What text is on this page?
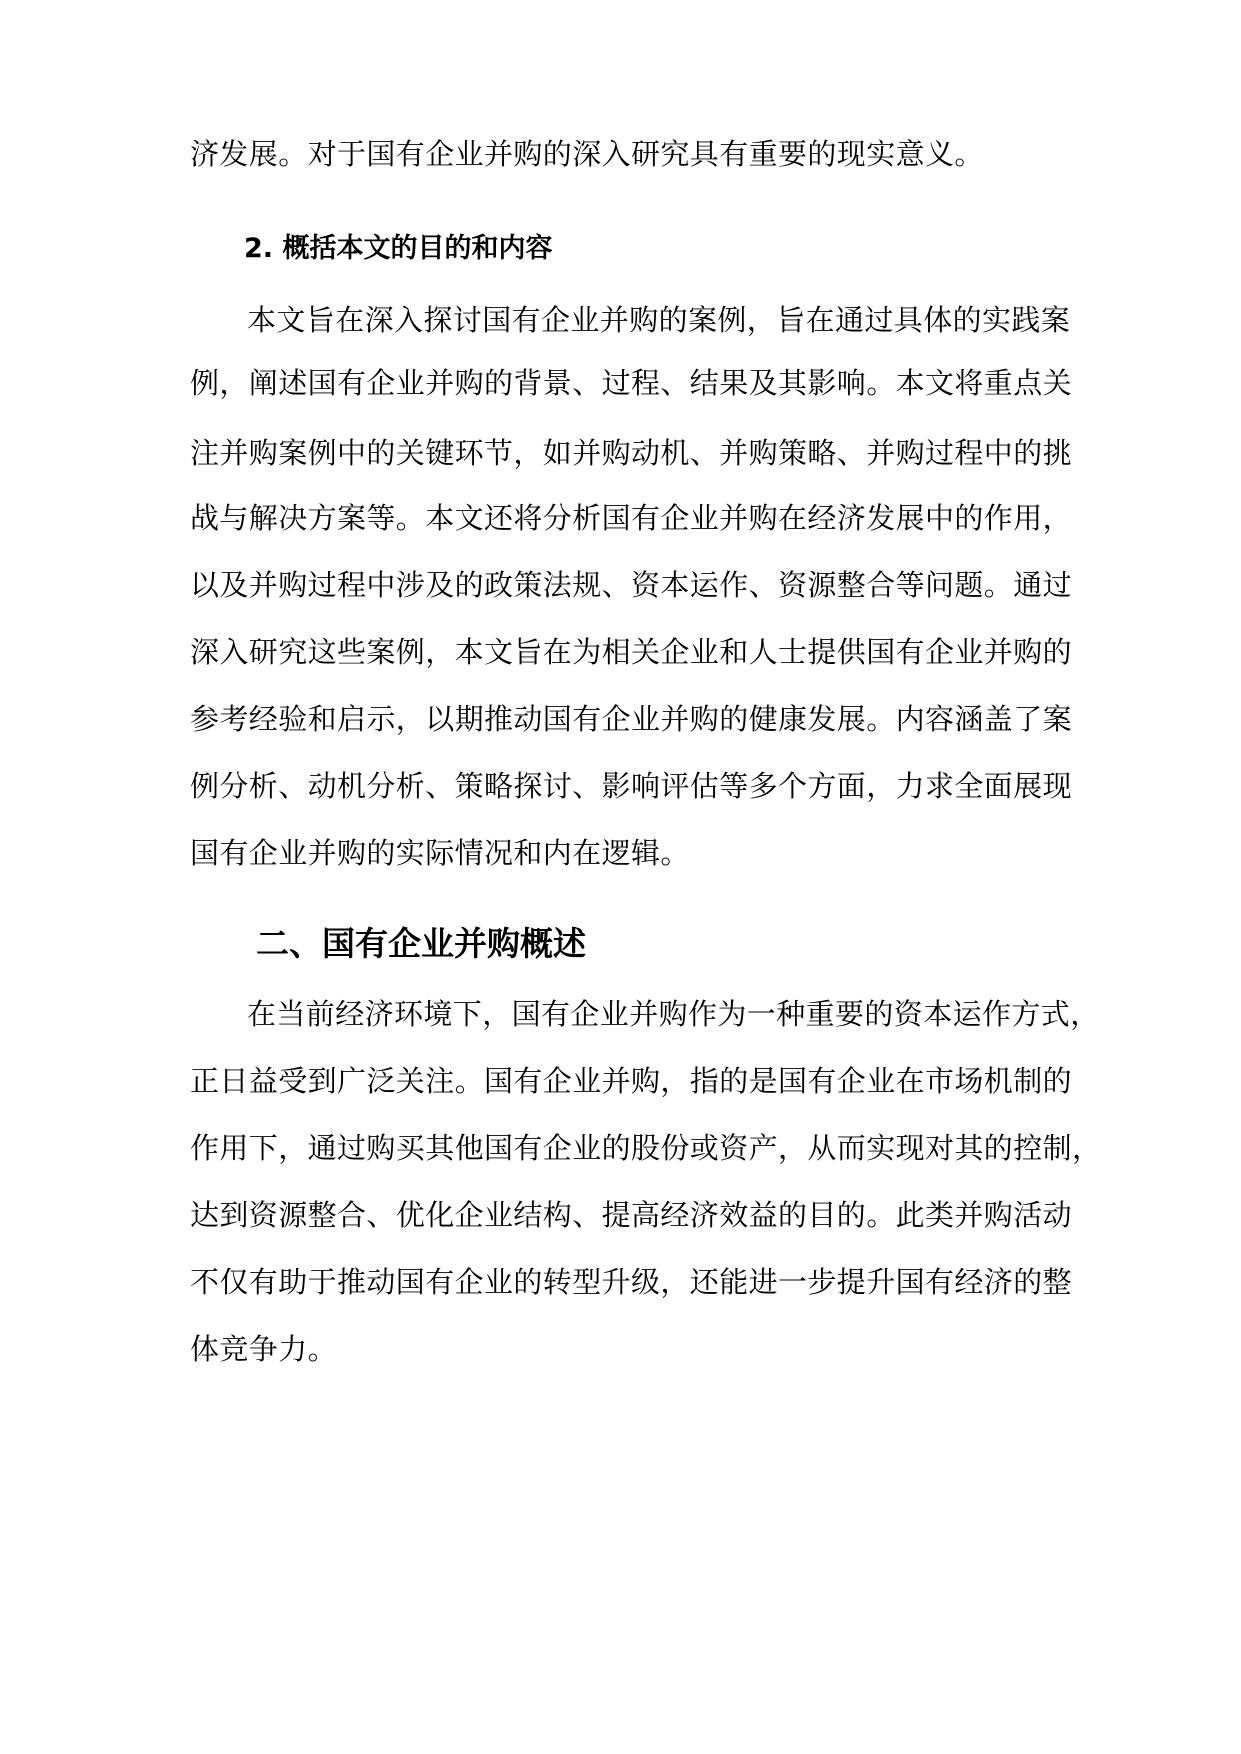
济发展。对于国有企业并购的深入研究具有重要的现实意义。
2. 概括本文的目的和内容
本文旨在深入探讨国有企业并购的案例，旨在通过具体的实践案
例，阐述国有企业并购的背景、过程、结果及其影响。本文将重点关
注并购案例中的关键环节，如并购动机、并购策略、并购过程中的挑
战与解决方案等。本文还将分析国有企业并购在经济发展中的作用，
以及并购过程中涉及的政策法规、资本运作、资源整合等问题。通过
深入研究这些案例，本文旨在为相关企业和人士提供国有企业并购的
参考经验和启示，以期推动国有企业并购的健康发展。内容涵盖了案
例分析、动机分析、策略探讨、影响评估等多个方面，力求全面展现
国有企业并购的实际情况和内在逻辑。
二、国有企业并购概述
在当前经济环境下，国有企业并购作为一种重要的资本运作方式，
正日益受到广泛关注。国有企业并购，指的是国有企业在市场机制的
作用下，通过购买其他国有企业的股份或资产，从而实现对其的控制，
达到资源整合、优化企业结构、提高经济效益的目的。此类并购活动
不仅有助于推动国有企业的转型升级，还能进一步提升国有经济的整
体竞争力。
